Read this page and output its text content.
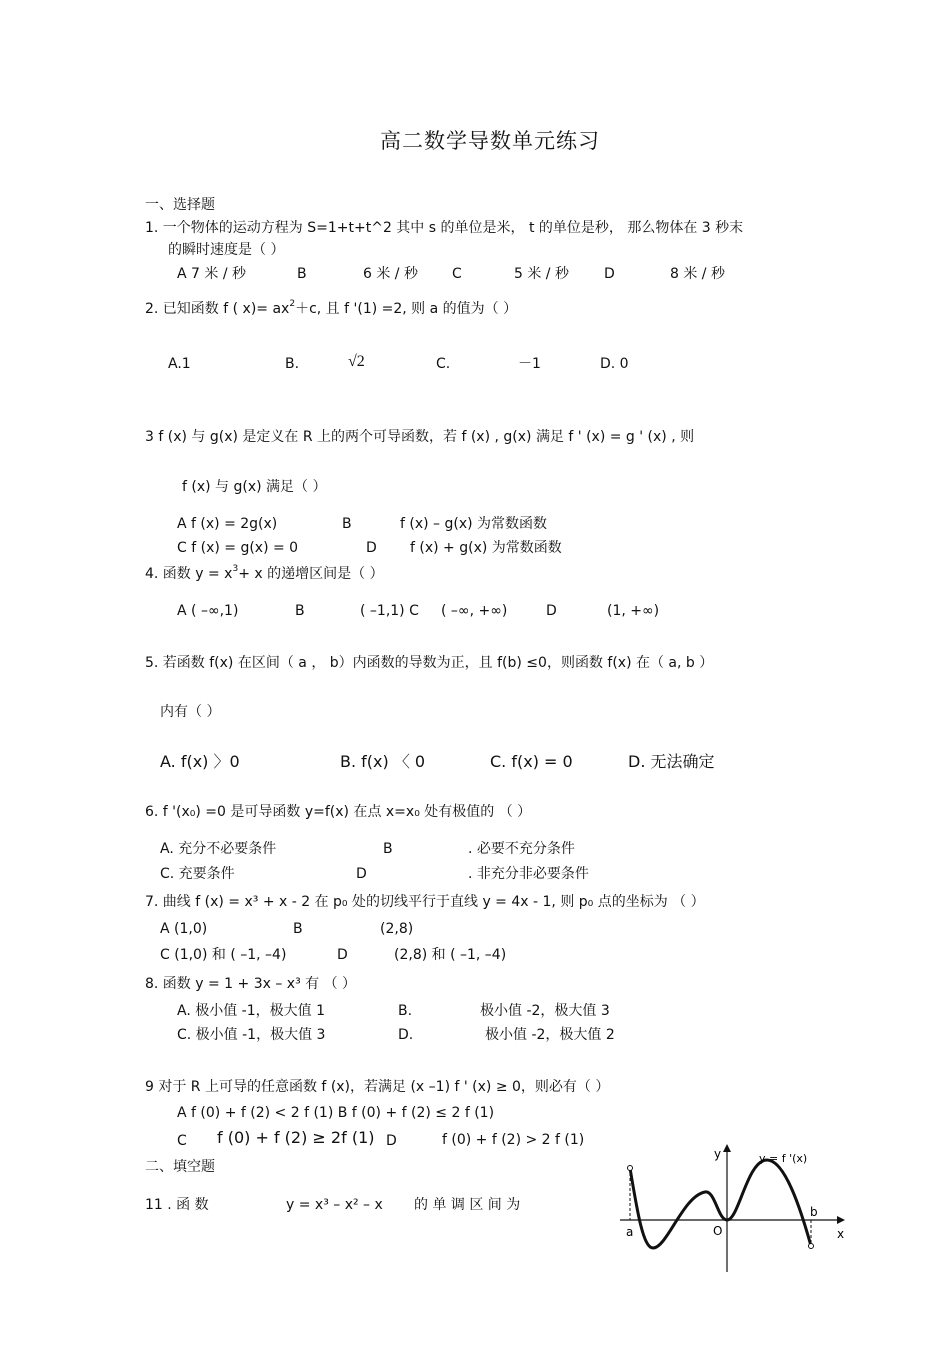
高二数学导数单元练习
一、选择题
1. 一个物体的运动方程为 S=1+t+t^2 其中 s 的单位是米， t 的单位是秒， 那么物体在 3 秒末
的瞬时速度是（ ）
A 7 米 / 秒	B	6 米 / 秒 C	5 米 / 秒	D	8 米 / 秒
2. 已知函数 f ( $x)= ax^2+c$, 且 f '(1) =2, 则 a 的值为（ ）
A.1	B.	√2	C.	－1	D. 0
3 f (x) 与 g(x) 是定义在 R 上的两个可导函数，若 f (x) , g(x) 满足 f ' (x) = g ' (x) , 则
f (x) 与 g(x) 满足（ ）
A f (x) = 2g(x)	B	f (x) – g(x) 为常数函数
C f (x) = g(x) = 0	D f (x) + g(x) 为常数函数
4. 函数 $y = x^3+ x$ 的递增区间是（ ）
A ( –∞,1)	B	( –1,1) C ( –∞, +∞)	D	(1, +∞)
5. 若函数 f(x) 在区间（ a ， b）内函数的导数为正，且 f(b) ≤0，则函数 f(x) 在（ a, b ）
内有（ ）
A. f(x) 〉0	B. f(x) 〈 0	C. f(x) = 0	D. 无法确定
6. f '(x₀) =0 是可导函数 y=f(x) 在点 x=x₀ 处有极值的 （ ）
A. 充分不必要条件	B	. 必要不充分条件
C. 充要条件	D	. 非充分非必要条件
7. 曲线 f (x) = x³ + x - 2 在 p₀ 处的切线平行于直线 y = 4x - 1, 则 p₀ 点的坐标为 （ ）
A (1,0)	B	(2,8)
C (1,0) 和 ( –1, –4)	D	(2,8) 和 ( –1, –4)
8. 函数 y = 1 + 3x – x³ 有 （ ）
A. 极小值 -1，极大值 1	B.	极小值 -2，极大值 3
C. 极小值 -1，极大值 3	D.	极小值 -2，极大值 2
9 对于 R 上可导的任意函数 f (x)，若满足 (x –1) f ' (x) ≥ 0，则必有（ ）
A f (0) + f (2) < 2 f (1) B f (0) + f (2) ≤ 2 f (1)
C f (0) + f (2) ≥ 2f (1) D	f (0) + f (2) > 2 f (1)
二、填空题
11 . 函 数	y = x³ – x² – x 的 单 调 区 间 为
y	y = f '(x)
x
O
a
b
